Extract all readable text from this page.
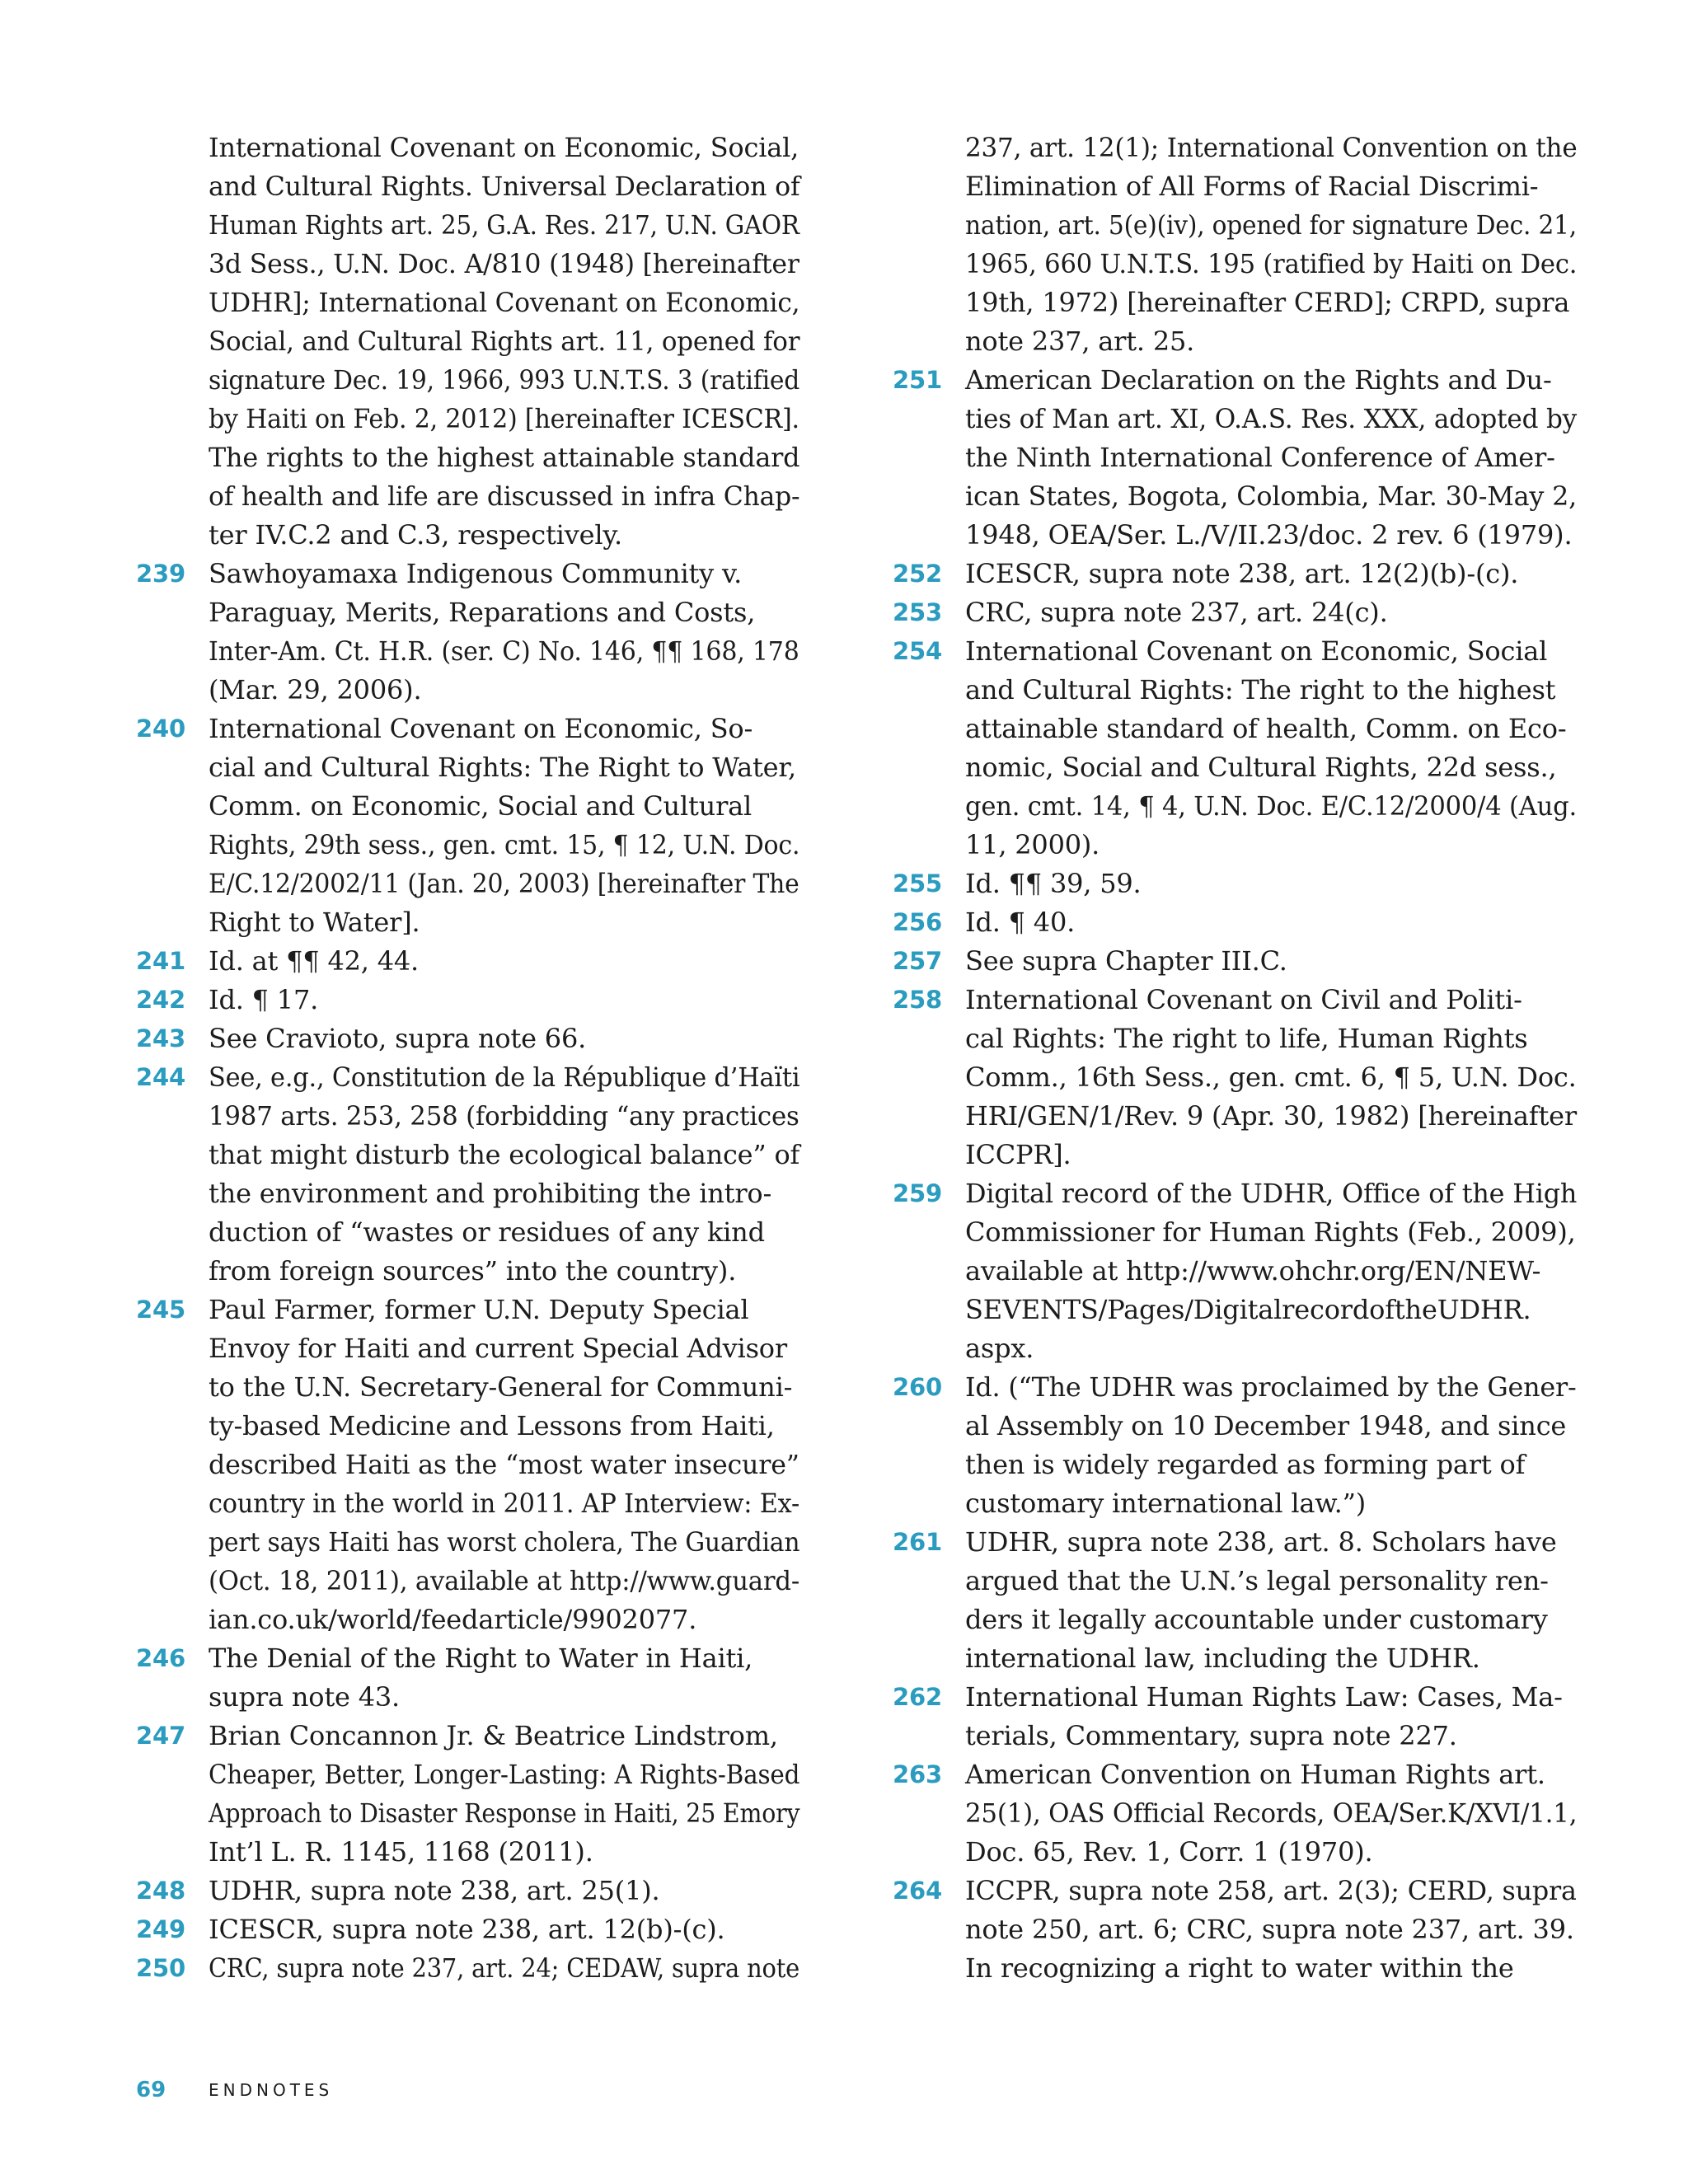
International Covenant on Economic, Social,
and Cultural Rights. Universal Declaration of
Human Rights art. 25, G.A. Res. 217, U.N. GAOR
3d Sess., U.N. Doc. A/810 (1948) [hereinafter
UDHR]; International Covenant on Economic,
Social, and Cultural Rights art. 11, opened for
signature Dec. 19, 1966, 993 U.N.T.S. 3 (ratified
by Haiti on Feb. 2, 2012) [hereinafter ICESCR].
The rights to the highest attainable standard
of health and life are discussed in infra Chap-
ter IV.C.2 and C.3, respectively.
239 Sawhoyamaxa Indigenous Community v.
Paraguay, Merits, Reparations and Costs,
Inter-Am. Ct. H.R. (ser. C) No. 146, ¶¶ 168, 178
(Mar. 29, 2006).
240 International Covenant on Economic, So-
cial and Cultural Rights: The Right to Water,
Comm. on Economic, Social and Cultural
Rights, 29th sess., gen. cmt. 15, ¶ 12, U.N. Doc.
E/C.12/2002/11 (Jan. 20, 2003) [hereinafter The
Right to Water].
241 Id. at ¶¶ 42, 44.
242 Id. ¶ 17.
243 See Cravioto, supra note 66.
244 See, e.g., Constitution de la République d’Haïti
1987 arts. 253, 258 (forbidding “any practices
that might disturb the ecological balance” of
the environment and prohibiting the intro-
duction of “wastes or residues of any kind
from foreign sources” into the country).
245 Paul Farmer, former U.N. Deputy Special
Envoy for Haiti and current Special Advisor
to the U.N. Secretary-General for Communi-
ty-based Medicine and Lessons from Haiti,
described Haiti as the “most water insecure”
country in the world in 2011. AP Interview: Ex-
pert says Haiti has worst cholera, The Guardian
(Oct. 18, 2011), available at http://www.guard-
ian.co.uk/world/feedarticle/9902077.
246 The Denial of the Right to Water in Haiti,
supra note 43.
247 Brian Concannon Jr. & Beatrice Lindstrom,
Cheaper, Better, Longer-Lasting: A Rights-Based
Approach to Disaster Response in Haiti, 25 Emory
Int’l L. R. 1145, 1168 (2011).
248 UDHR, supra note 238, art. 25(1).
249 ICESCR, supra note 238, art. 12(b)-(c).
250 CRC, supra note 237, art. 24; CEDAW, supra note
237, art. 12(1); International Convention on the
Elimination of All Forms of Racial Discrimi-
nation, art. 5(e)(iv), opened for signature Dec. 21,
1965, 660 U.N.T.S. 195 (ratified by Haiti on Dec.
19th, 1972) [hereinafter CERD]; CRPD, supra
note 237, art. 25.
251 American Declaration on the Rights and Du-
ties of Man art. XI, O.A.S. Res. XXX, adopted by
the Ninth International Conference of Amer-
ican States, Bogota, Colombia, Mar. 30-May 2,
1948, OEA/Ser. L./V/II.23/doc. 2 rev. 6 (1979).
252 ICESCR, supra note 238, art. 12(2)(b)-(c).
253 CRC, supra note 237, art. 24(c).
254 International Covenant on Economic, Social
and Cultural Rights: The right to the highest
attainable standard of health, Comm. on Eco-
nomic, Social and Cultural Rights, 22d sess.,
gen. cmt. 14, ¶ 4, U.N. Doc. E/C.12/2000/4 (Aug.
11, 2000).
255 Id. ¶¶ 39, 59.
256 Id. ¶ 40.
257 See supra Chapter III.C.
258 International Covenant on Civil and Politi-
cal Rights: The right to life, Human Rights
Comm., 16th Sess., gen. cmt. 6, ¶ 5, U.N. Doc.
HRI/GEN/1/Rev. 9 (Apr. 30, 1982) [hereinafter
ICCPR].
259 Digital record of the UDHR, Office of the High
Commissioner for Human Rights (Feb., 2009),
available at http://www.ohchr.org/EN/NEW-
SEVENTS/Pages/DigitalrecordoftheUDHR.
aspx.
260 Id. (“The UDHR was proclaimed by the Gener-
al Assembly on 10 December 1948, and since
then is widely regarded as forming part of
customary international law.”)
261 UDHR, supra note 238, art. 8. Scholars have
argued that the U.N.’s legal personality ren-
ders it legally accountable under customary
international law, including the UDHR.
262 International Human Rights Law: Cases, Ma-
terials, Commentary, supra note 227.
263 American Convention on Human Rights art.
25(1), OAS Official Records, OEA/Ser.K/XVI/1.1,
Doc. 65, Rev. 1, Corr. 1 (1970).
264 ICCPR, supra note 258, art. 2(3); CERD, supra
note 250, art. 6; CRC, supra note 237, art. 39.
In recognizing a right to water within the
69	ENDNOTES
